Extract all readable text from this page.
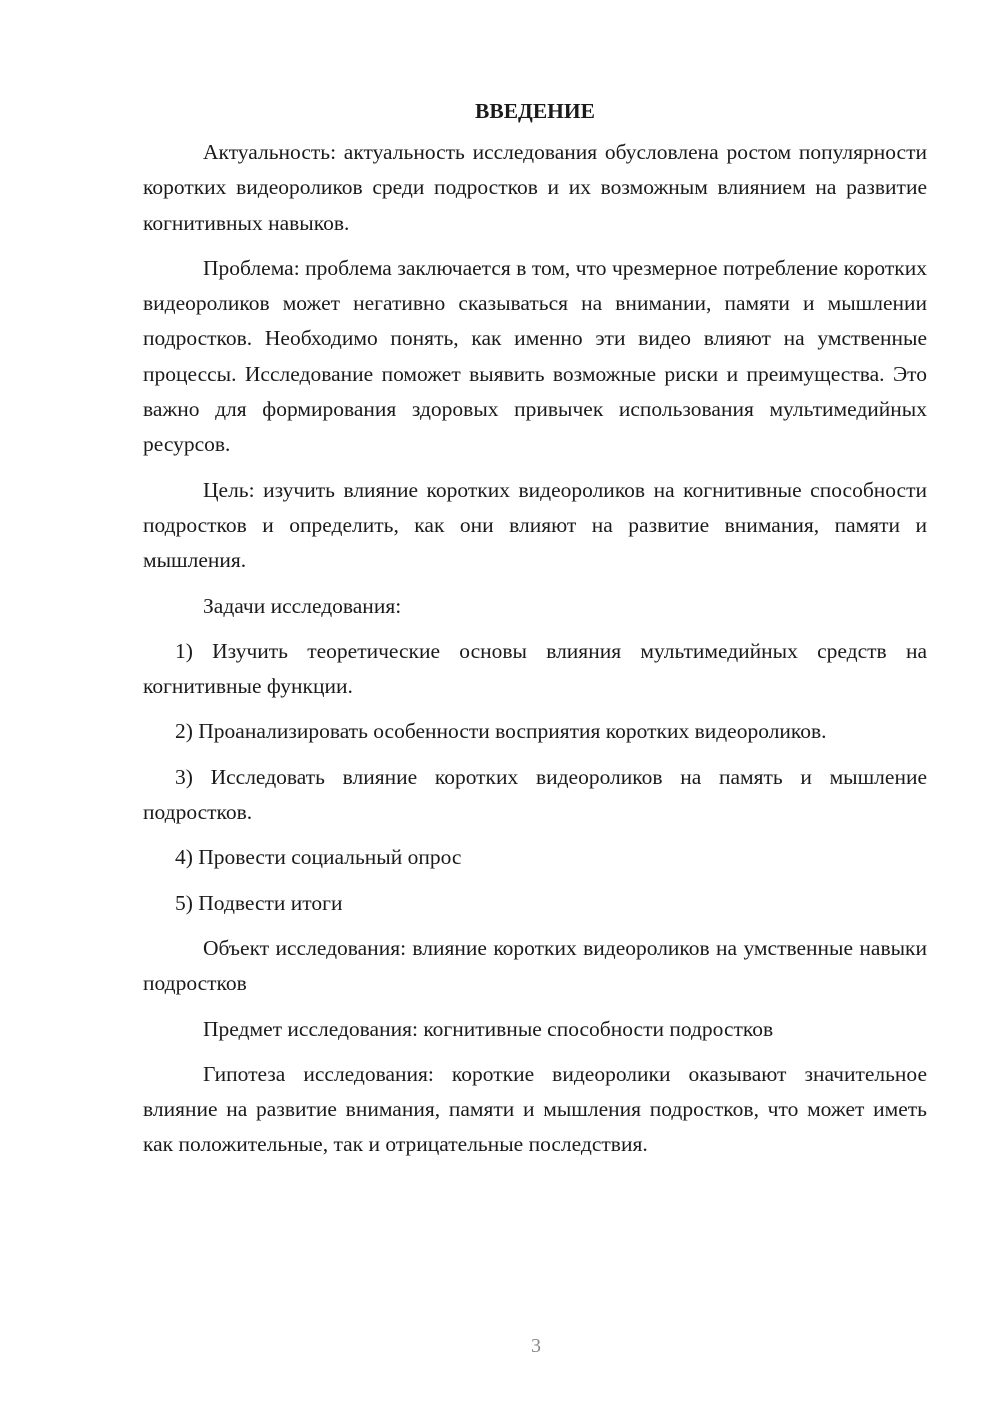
ВВЕДЕНИЕ

Актуальность: актуальность исследования обусловлена ростом популярности коротких видеороликов среди подростков и их возможным влиянием на развитие когнитивных навыков.

Проблема: проблема заключается в том, что чрезмерное потребление коротких видеороликов может негативно сказываться на внимании, памяти и мышлении подростков. Необходимо понять, как именно эти видео влияют на умственные процессы. Исследование поможет выявить возможные риски и преимущества. Это важно для формирования здоровых привычек использования мультимедийных ресурсов.

Цель: изучить влияние коротких видеороликов на когнитивные способности подростков и определить, как они влияют на развитие внимания, памяти и мышления.

Задачи исследования:

1) Изучить теоретические основы влияния мультимедийных средств на когнитивные функции.

2) Проанализировать особенности восприятия коротких видеороликов.

3) Исследовать влияние коротких видеороликов на память и мышление подростков.

4) Провести социальный опрос

5) Подвести итоги

Объект исследования: влияние коротких видеороликов на умственные навыки подростков

Предмет исследования: когнитивные способности подростков

Гипотеза исследования: короткие видеоролики оказывают значительное влияние на развитие внимания, памяти и мышления подростков, что может иметь как положительные, так и отрицательные последствия.

3
